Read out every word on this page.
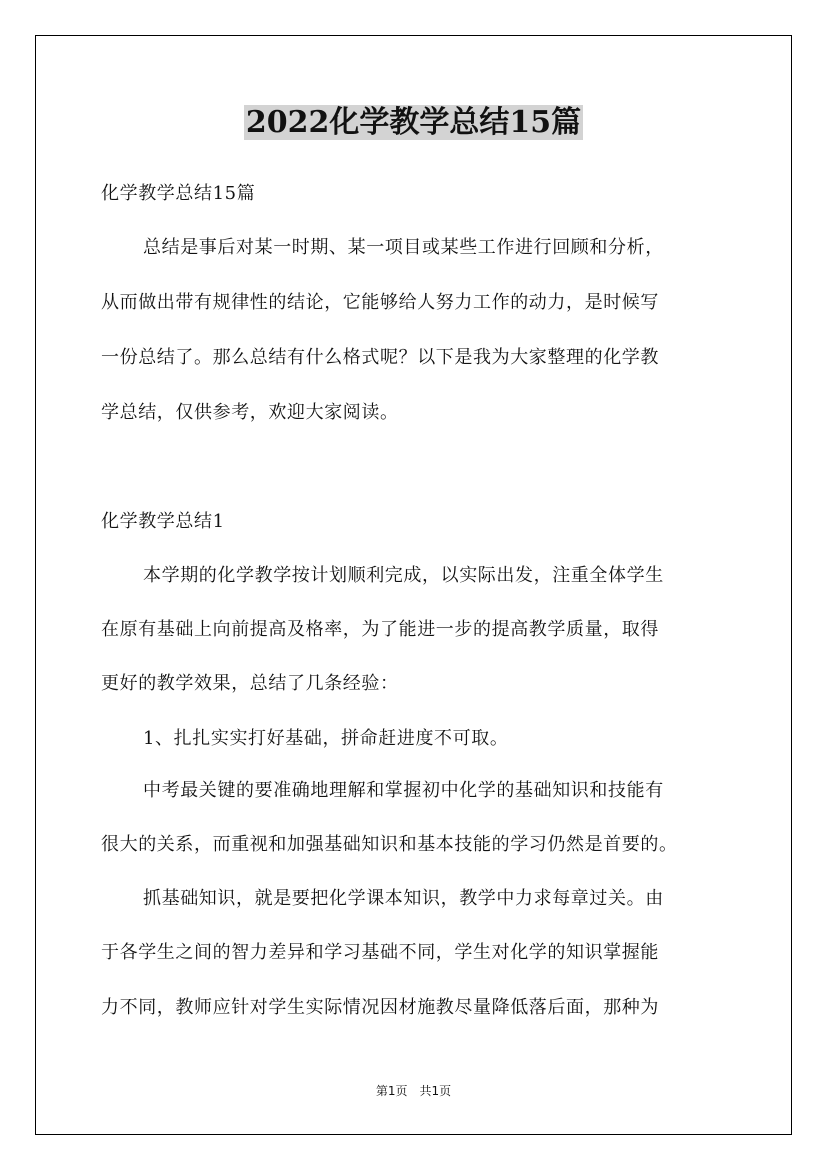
2022化学教学总结15篇
化学教学总结15篇
总结是事后对某一时期、某一项目或某些工作进行回顾和分析，
从而做出带有规律性的结论，它能够给人努力工作的动力，是时候写
一份总结了。那么总结有什么格式呢？以下是我为大家整理的化学教
学总结，仅供参考，欢迎大家阅读。
化学教学总结1
本学期的化学教学按计划顺利完成，以实际出发，注重全体学生
在原有基础上向前提高及格率，为了能进一步的提高教学质量，取得
更好的教学效果，总结了几条经验：
1、扎扎实实打好基础，拼命赶进度不可取。
中考最关键的要准确地理解和掌握初中化学的基础知识和技能有
很大的关系，而重视和加强基础知识和基本技能的学习仍然是首要的。
抓基础知识，就是要把化学课本知识，教学中力求每章过关。由
于各学生之间的智力差异和学习基础不同，学生对化学的知识掌握能
力不同，教师应针对学生实际情况因材施教尽量降低落后面，那种为
第1页　共1页
